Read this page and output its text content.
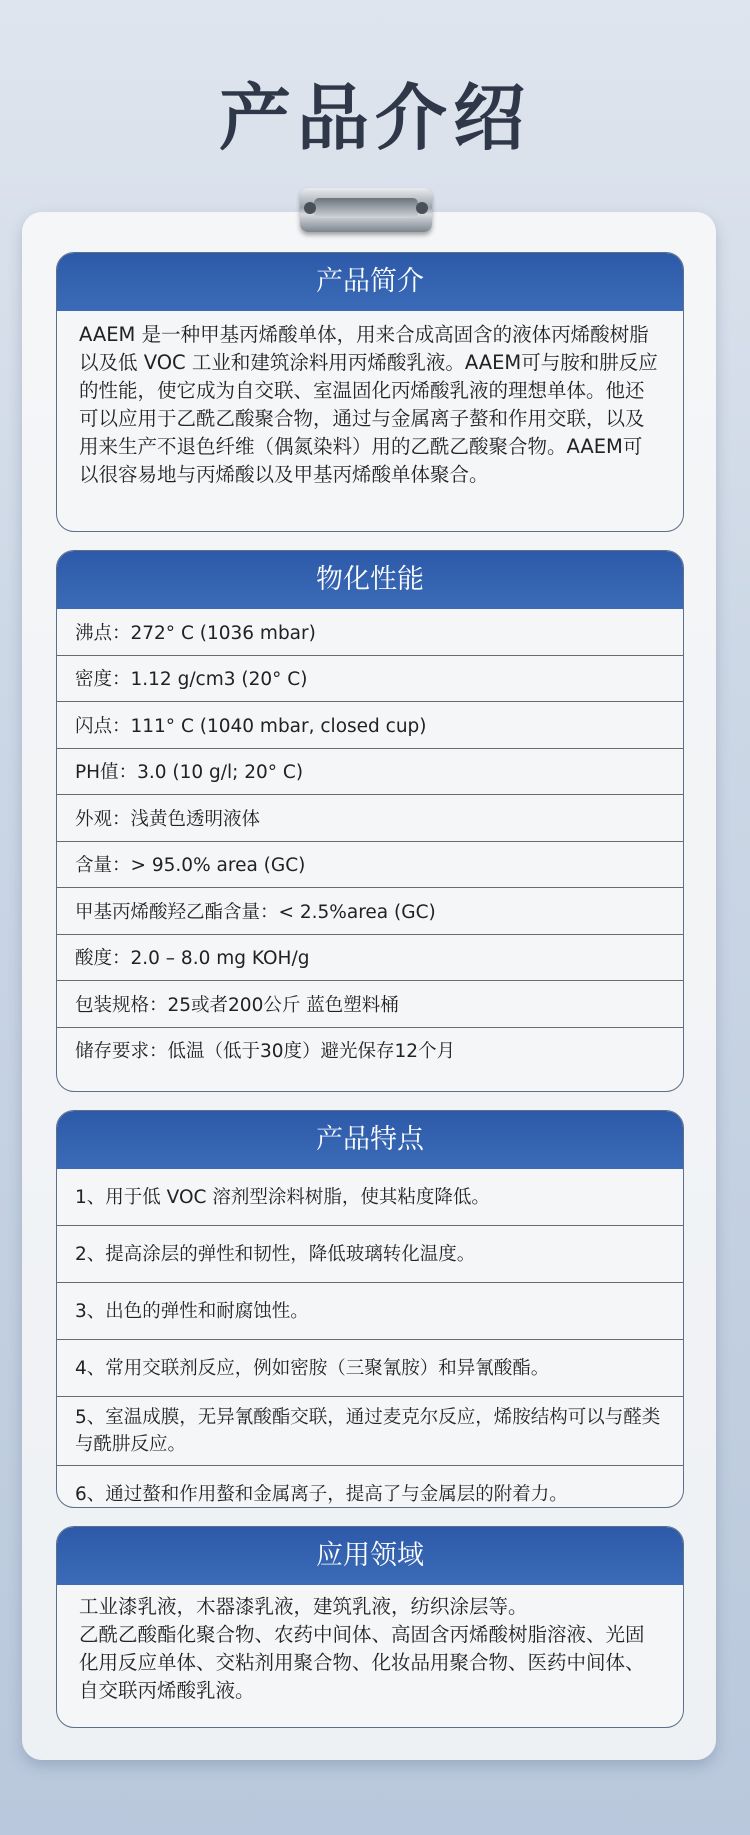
产品介绍
产品简介
AAEM 是一种甲基丙烯酸单体，用来合成高固含的液体丙烯酸树脂以及低 VOC 工业和建筑涂料用丙烯酸乳液。AAEM可与胺和肼反应的性能，使它成为自交联、室温固化丙烯酸乳液的理想单体。他还可以应用于乙酰乙酸聚合物，通过与金属离子螯和作用交联，以及用来生产不退色纤维（偶氮染料）用的乙酰乙酸聚合物。AAEM可以很容易地与丙烯酸以及甲基丙烯酸单体聚合。
物化性能
沸点：272° C (1036 mbar)
密度：1.12 g/cm3 (20° C)
闪点：111° C (1040 mbar, closed cup)
PH值：3.0 (10 g/l; 20° C)
外观：浅黄色透明液体
含量：> 95.0% area (GC)
甲基丙烯酸羟乙酯含量：< 2.5%area (GC)
酸度：2.0 – 8.0 mg KOH/g
包装规格：25或者200公斤 蓝色塑料桶
储存要求：低温（低于30度）避光保存12个月
产品特点
1、用于低 VOC 溶剂型涂料树脂，使其粘度降低。
2、提高涂层的弹性和韧性，降低玻璃转化温度。
3、出色的弹性和耐腐蚀性。
4、常用交联剂反应，例如密胺（三聚氰胺）和异氰酸酯。
5、室温成膜，无异氰酸酯交联，通过麦克尔反应，烯胺结构可以与醛类与酰肼反应。
6、通过螯和作用螯和金属离子，提高了与金属层的附着力。
应用领域
工业漆乳液，木器漆乳液，建筑乳液，纺织涂层等。
乙酰乙酸酯化聚合物、农药中间体、高固含丙烯酸树脂溶液、光固化用反应单体、交粘剂用聚合物、化妆品用聚合物、医药中间体、自交联丙烯酸乳液。
